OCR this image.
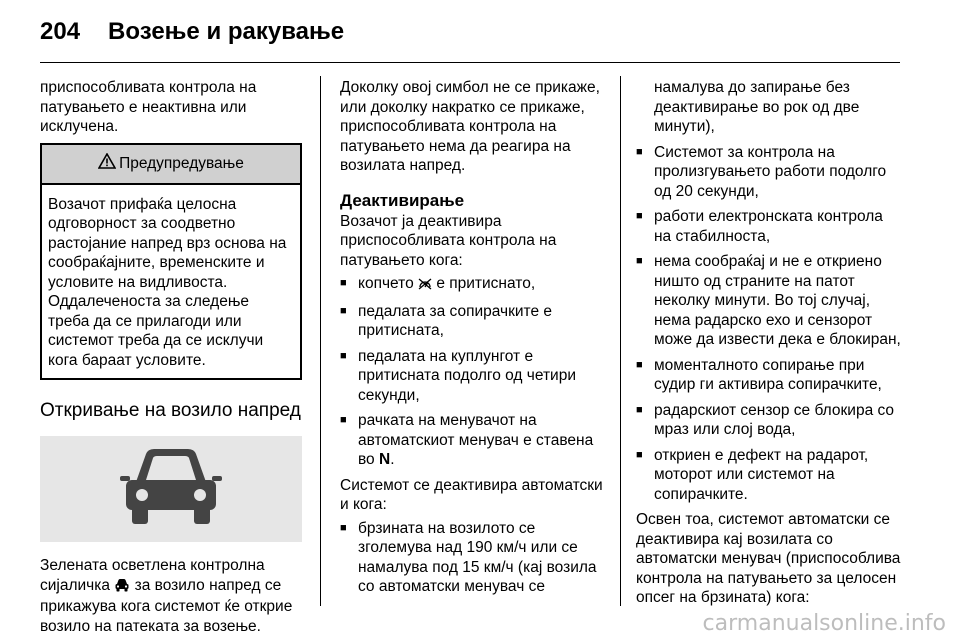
204 Возење и ракување

приспособливата контрола на патувањето е неактивна или исклучена.

Предупредување
Возачот прифаќа целосна одговорност за соодветно растојание напред врз основа на сообраќајните, временските и условите на видливоста. Оддалеченоста за следење треба да се прилагоди или системот треба да се исклучи кога бараат условите.
Откривање на возило напред

Зелената осветлена контролна сијаличка за возило напред се прикажува кога системот ќе открие возило на патеката за возење.

Доколку овој симбол не се прикаже, или доколку накратко се прикаже, приспособливата контрола на патувањето нема да реагира на возилата напред.

Деактивирање

Возачот ја деактивира приспособливата контрола на патувањето кога:

■ копчето е притиснато,
■ педалата за сопирачките е притисната,
■ педалата на куплунгот е притисната подолго од четири секунди,
■ рачката на менувачот на автоматскиот менувач е ставена во N.

Системот се деактивира автоматски и кога:

■ брзината на возилото се зголемува над 190 км/ч или се намалува под 15 км/ч (кај возила со автоматски менувач се

намалува до запирање без деактивирање во рок од две минути),

■ Системот за контрола на пролизгувањето работи подолго од 20 секунди,
■ работи електронската контрола на стабилноста,
■ нема сообраќај и не е откриено ништо од страните на патот неколку минути. Во тој случај, нема радарско ехо и сензорот може да извести дека е блокиран,
■ моменталното сопирање при судир ги активира сопирачките,
■ радарскиот сензор се блокира со мраз или слој вода,
■ откриен е дефект на радарот, моторот или системот на сопирачките.

Освен тоа, системот автоматски се деактивира кај возилата со автоматски менувач (приспособлива контрола на патувањето за целосен опсег на брзината) кога:

carmanualsonline.info
